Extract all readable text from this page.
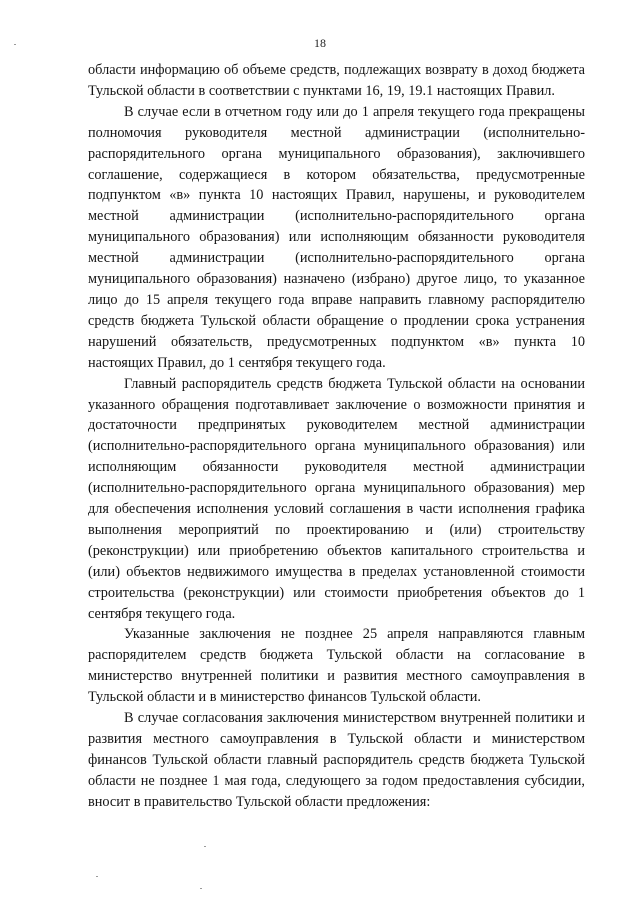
18

области информацию об объеме средств, подлежащих возврату в доход бюджета Тульской области в соответствии с пунктами 16, 19, 19.1 настоящих Правил.

В случае если в отчетном году или до 1 апреля текущего года прекращены полномочия руководителя местной администрации (исполнительно-распорядительного органа муниципального образования), заключившего соглашение, содержащиеся в котором обязательства, предусмотренные подпунктом «в» пункта 10 настоящих Правил, нарушены, и руководителем местной администрации (исполнительно-распорядительного органа муниципального образования) или исполняющим обязанности руководителя местной администрации (исполнительно-распорядительного органа муниципального образования) назначено (избрано) другое лицо, то указанное лицо до 15 апреля текущего года вправе направить главному распорядителю средств бюджета Тульской области обращение о продлении срока устранения нарушений обязательств, предусмотренных подпунктом «в» пункта 10 настоящих Правил, до 1 сентября текущего года.

Главный распорядитель средств бюджета Тульской области на основании указанного обращения подготавливает заключение о возможности принятия и достаточности предпринятых руководителем местной администрации (исполнительно-распорядительного органа муниципального образования) или исполняющим обязанности руководителя местной администрации (исполнительно-распорядительного органа муниципального образования) мер для обеспечения исполнения условий соглашения в части исполнения графика выполнения мероприятий по проектированию и (или) строительству (реконструкции) или приобретению объектов капитального строительства и (или) объектов недвижимого имущества в пределах установленной стоимости строительства (реконструкции) или стоимости приобретения объектов до 1 сентября текущего года.

Указанные заключения не позднее 25 апреля направляются главным распорядителем средств бюджета Тульской области на согласование в министерство внутренней политики и развития местного самоуправления в Тульской области и в министерство финансов Тульской области.

В случае согласования заключения министерством внутренней политики и развития местного самоуправления в Тульской области и министерством финансов Тульской области главный распорядитель средств бюджета Тульской области не позднее 1 мая года, следующего за годом предоставления субсидии, вносит в правительство Тульской области предложения:
